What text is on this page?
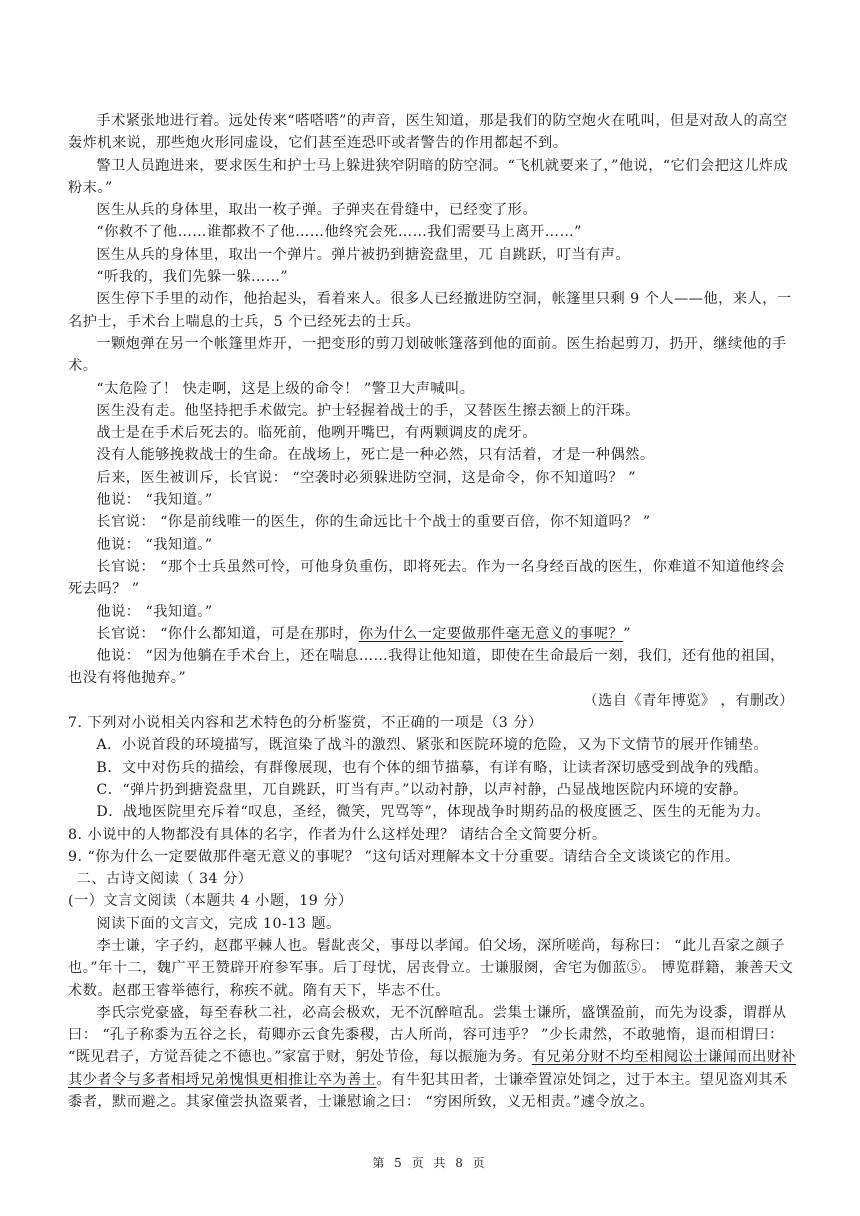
手术紧张地进行着。远处传来“嗒嗒嗒”的声音，医生知道，那是我们的防空炮火在吼叫，但是对敌人的高空轰炸机来说，那些炮火形同虚设，它们甚至连恐吓或者警告的作用都起不到。

警卫人员跑进来，要求医生和护士马上躲进狭窄阴暗的防空洞。“飞机就要来了，”他说，“它们会把这儿炸成粉末。”

医生从兵的身体里，取出一枚子弹。子弹夹在骨缝中，已经变了形。

“你救不了他……谁都救不了他……他终究会死……我们需要马上离开……”

医生从兵的身体里，取出一个弹片。弹片被扔到搪瓷盘里，兀 自跳跃，叮当有声。

“听我的，我们先躲一躲……”

医生停下手里的动作，他抬起头，看着来人。很多人已经撤进防空洞，帐篷里只剩 9 个人——他，来人，一名护士，手术台上喘息的士兵，5 个已经死去的士兵。

一颗炮弹在另一个帐篷里炸开，一把变形的剪刀划破帐篷落到他的面前。医生抬起剪刀，扔开，继续他的手术。

“太危险了！ 快走啊，这是上级的命令！ ”警卫大声喊叫。

医生没有走。他坚持把手术做完。护士轻握着战士的手，又替医生擦去额上的汗珠。

战士是在手术后死去的。临死前，他咧开嘴巴，有两颗调皮的虎牙。

没有人能够挽救战士的生命。在战场上，死亡是一种必然，只有活着，才是一种偶然。

后来，医生被训斥，长官说： “空袭时必须躲进防空洞，这是命令，你不知道吗？ ”

他说： “我知道。”

长官说： “你是前线唯一的医生，你的生命远比十个战士的重要百倍，你不知道吗？ ”

他说： “我知道。”

长官说： “那个士兵虽然可怜，可他身负重伤，即将死去。作为一名身经百战的医生，你难道不知道他终会死去吗？ ”

他说： “我知道。”

长官说： “你什么都知道，可是在那时，你为什么一定要做那件毫无意义的事呢？”

他说： “因为他躺在手术台上，还在喘息……我得让他知道，即使在生命最后一刻，我们，还有他的祖国，也没有将他抛弃。”

（选自《青年博览》 ，有删改）

7. 下列对小说相关内容和艺术特色的分析鉴赏，不正确的一项是（3 分）

A．小说首段的环境描写，既渲染了战斗的激烈、紧张和医院环境的危险，又为下文情节的展开作铺垫。

B．文中对伤兵的描绘，有群像展现，也有个体的细节描摹，有详有略，让读者深切感受到战争的残酷。

C．“弹片扔到搪瓷盘里，兀自跳跃，叮当有声。”以动衬静，以声衬静，凸显战地医院内环境的安静。

D．战地医院里充斥着“叹息，圣经，微笑，咒骂等”，体现战争时期药品的极度匮乏、医生的无能为力。

8. 小说中的人物都没有具体的名字，作者为什么这样处理？ 请结合全文简要分析。

9. “你为什么一定要做那件毫无意义的事呢？ ”这句话对理解本文十分重要。请结合全文谈谈它的作用。

二、古诗文阅读（ 34 分）

(一）文言文阅读（本题共 4 小题，19 分）

阅读下面的文言文，完成 10-13 题。

李士谦，字子约，赵郡平棘人也。髫龀丧父，事母以孝闻。伯父场，深所嗟尚，每称曰： “此儿吾家之颜子也。”年十二，魏广平王赞辟开府参军事。后丁母忧，居丧骨立。士谦服阕，舍宅为伽蓝⑤。 博览群籍，兼善天文术数。赵郡王睿举德行，称疾不就。隋有天下，毕志不仕。

李氏宗党豪盛，每至春秋二社，必高会极欢，无不沉醉喧乱。尝集士谦所，盛馔盈前，而先为设黍，谓群从曰： “孔子称黍为五谷之长，荀卿亦云食先黍稷，古人所尚，容可违乎？ ”少长肃然，不敢驰惰，退而相谓曰： “既见君子，方觉吾徒之不德也。”家富于财，躬处节俭，每以振施为务。有兄弟分财不均至相阋讼士谦闻而出财补其少者令与多者相埒兄弟愧惧更相推让卒为善士。有牛犯其田者，士谦牵置凉处饲之，过于本主。望见盗刈其禾黍者，默而避之。其家僮尝执盗粟者，士谦慰谕之曰： “穷困所致，义无相责。”遽令放之。

第 5 页 共 8 页
